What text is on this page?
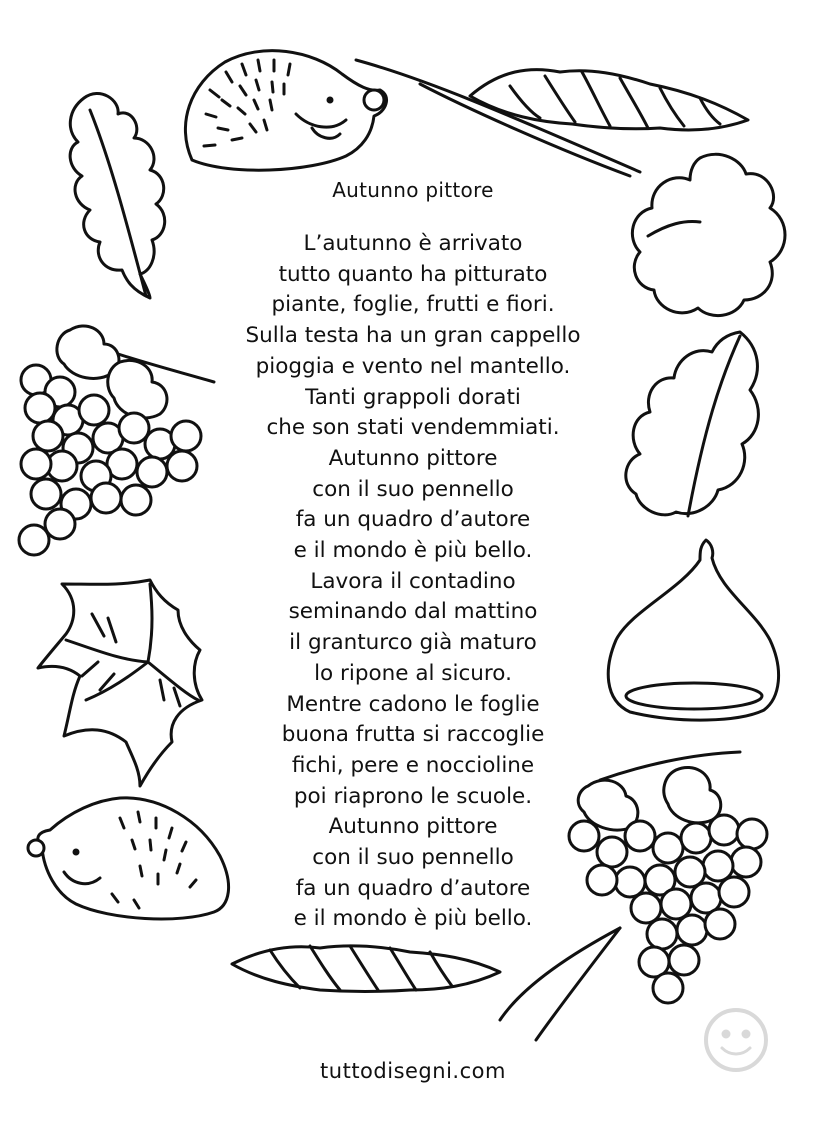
Autunno pittore
L’autunno è arrivato
tutto quanto ha pitturato
piante, foglie, frutti e fiori.
Sulla testa ha un gran cappello
pioggia e vento nel mantello.
Tanti grappoli dorati
che son stati vendemmiati.
Autunno pittore
con il suo pennello
fa un quadro d’autore
e il mondo è più bello.
Lavora il contadino
seminando dal mattino
il granturco già maturo
lo ripone al sicuro.
Mentre cadono le foglie
buona frutta si raccoglie
fichi, pere e noccioline
poi riaprono le scuole.
Autunno pittore
con il suo pennello
fa un quadro d’autore
e il mondo è più bello.
tuttodisegni.com
